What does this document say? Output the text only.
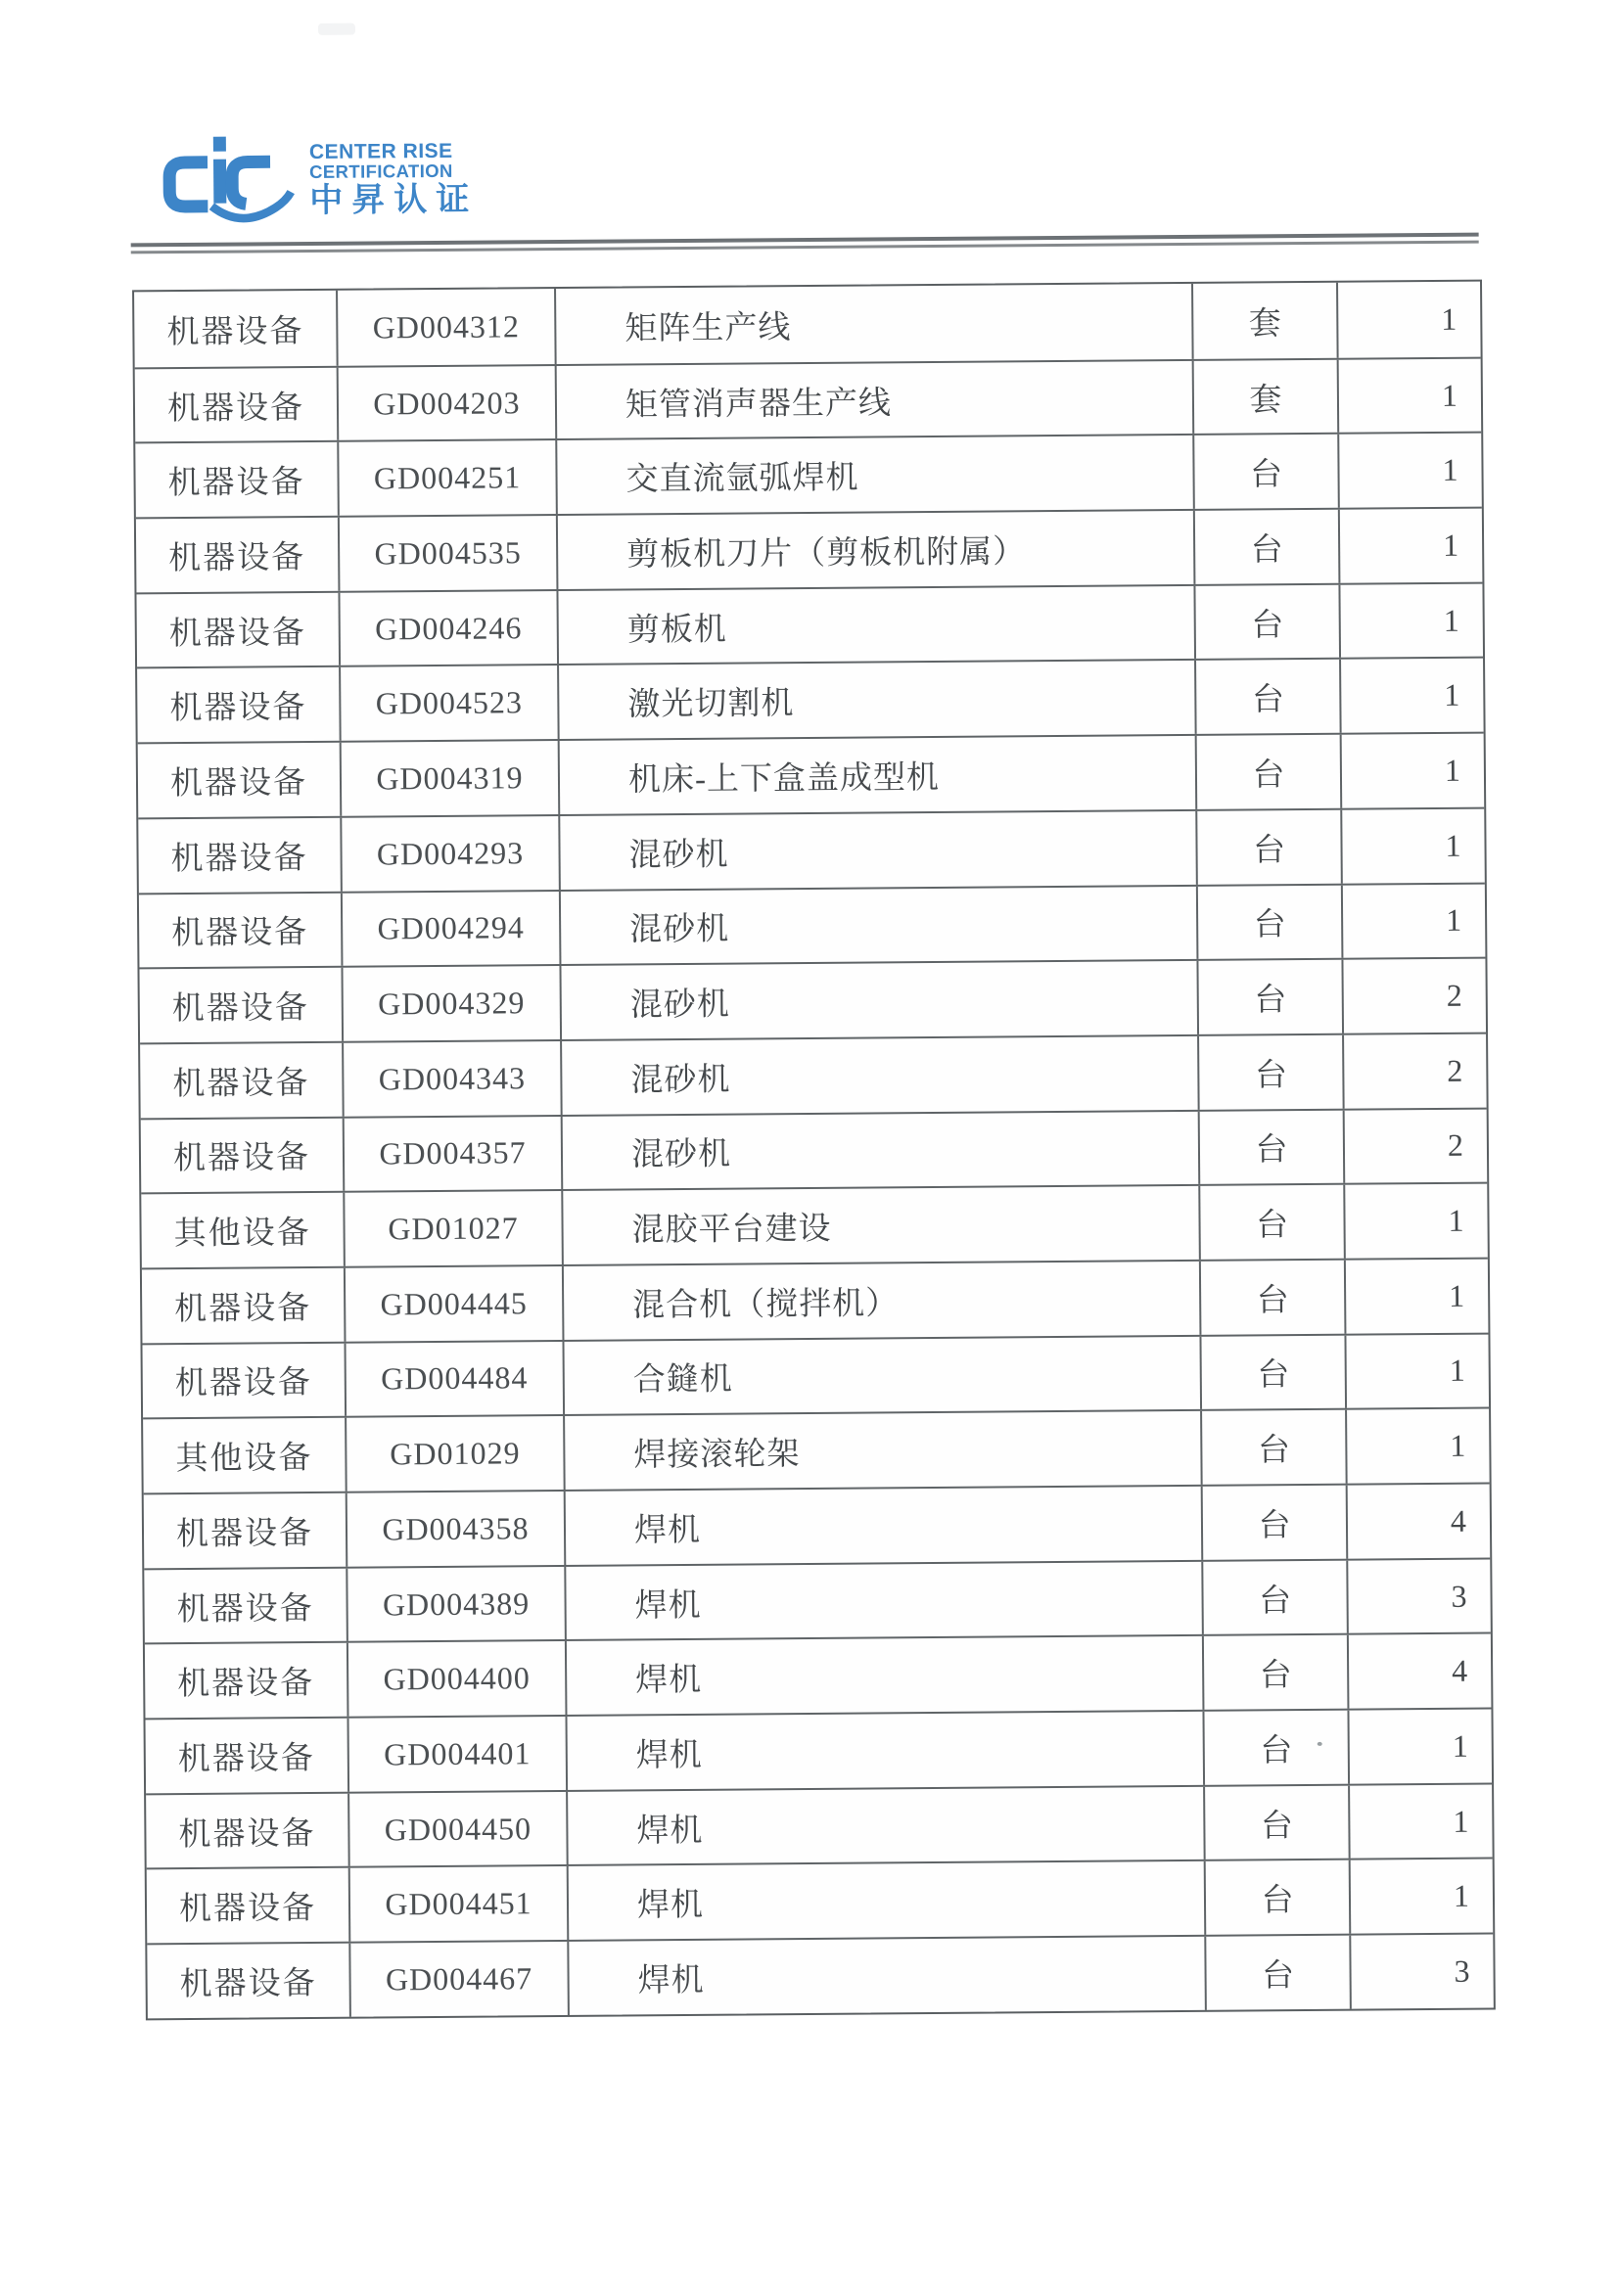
CENTER RISE
CERTIFICATION
中昇认证
机器设备	GD004312	矩阵生产线	套	1
机器设备	GD004203	矩管消声器生产线	套	1
机器设备	GD004251	交直流氩弧焊机	台	1
机器设备	GD004535	剪板机刀片（剪板机附属）	台	1
机器设备	GD004246	剪板机	台	1
机器设备	GD004523	激光切割机	台	1
机器设备	GD004319	机床-上下盒盖成型机	台	1
机器设备	GD004293	混砂机	台	1
机器设备	GD004294	混砂机	台	1
机器设备	GD004329	混砂机	台	2
机器设备	GD004343	混砂机	台	2
机器设备	GD004357	混砂机	台	2
其他设备	GD01027	混胶平台建设	台	1
机器设备	GD004445	混合机（搅拌机）	台	1
机器设备	GD004484	合鏠机	台	1
其他设备	GD01029	焊接滚轮架	台	1
机器设备	GD004358	焊机	台	4
机器设备	GD004389	焊机	台	3
机器设备	GD004400	焊机	台	4
机器设备	GD004401	焊机	台	1
机器设备	GD004450	焊机	台	1
机器设备	GD004451	焊机	台	1
机器设备	GD004467	焊机	台	3
